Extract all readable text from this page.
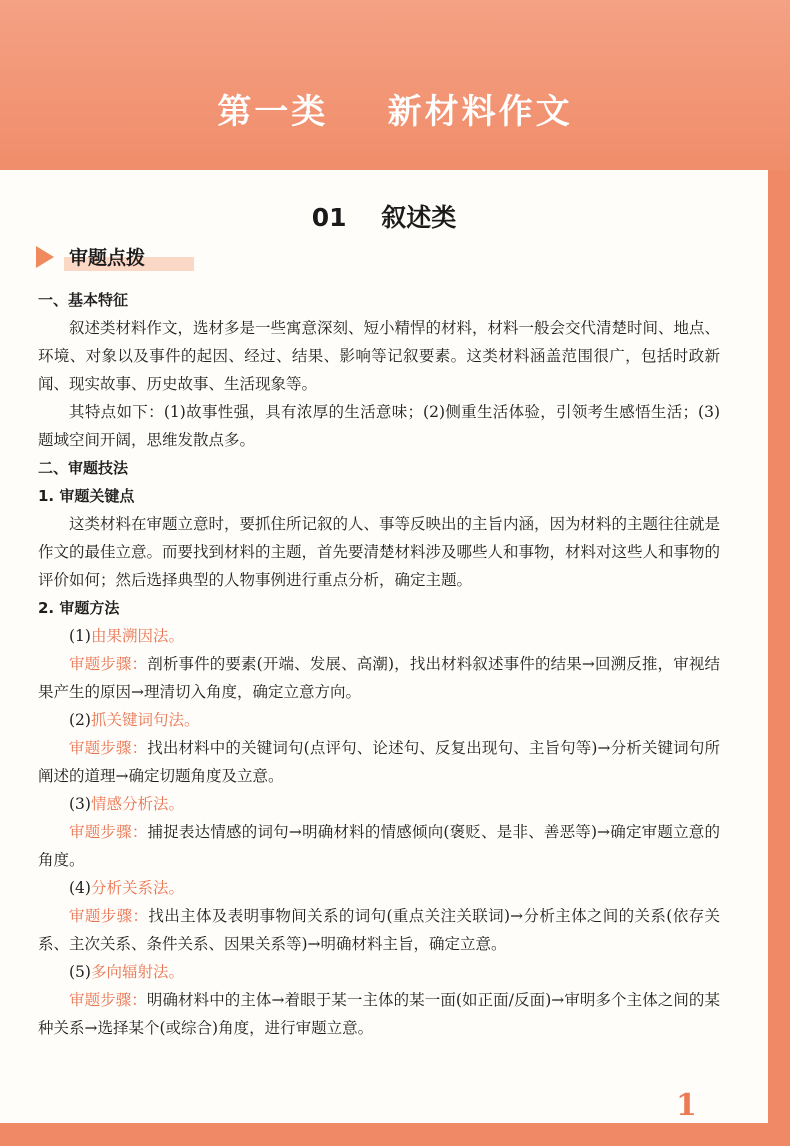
第一类    新材料作文
01    叙述类
审题点拨

一、基本特征

叙述类材料作文，选材多是一些寓意深刻、短小精悍的材料，材料一般会交代清楚时间、地点、环境、对象以及事件的起因、经过、结果、影响等记叙要素。这类材料涵盖范围很广，包括时政新闻、现实故事、历史故事、生活现象等。

其特点如下：(1)故事性强，具有浓厚的生活意味；(2)侧重生活体验，引领考生感悟生活；(3)题域空间开阔，思维发散点多。

二、审题技法

1. 审题关键点

这类材料在审题立意时，要抓住所记叙的人、事等反映出的主旨内涵，因为材料的主题往往就是作文的最佳立意。而要找到材料的主题，首先要清楚材料涉及哪些人和事物，材料对这些人和事物的评价如何；然后选择典型的人物事例进行重点分析，确定主题。

2. 审题方法

(1)由果溯因法。

审题步骤：剖析事件的要素(开端、发展、高潮)，找出材料叙述事件的结果→回溯反推，审视结果产生的原因→理清切入角度，确定立意方向。

(2)抓关键词句法。

审题步骤：找出材料中的关键词句(点评句、论述句、反复出现句、主旨句等)→分析关键词句所阐述的道理→确定切题角度及立意。

(3)情感分析法。

审题步骤：捕捉表达情感的词句→明确材料的情感倾向(褒贬、是非、善恶等)→确定审题立意的角度。

(4)分析关系法。

审题步骤：找出主体及表明事物间关系的词句(重点关注关联词)→分析主体之间的关系(依存关系、主次关系、条件关系、因果关系等)→明确材料主旨，确定立意。

(5)多向辐射法。

审题步骤：明确材料中的主体→着眼于某一主体的某一面(如正面/反面)→审明多个主体之间的某种关系→选择某个(或综合)角度，进行审题立意。

1
